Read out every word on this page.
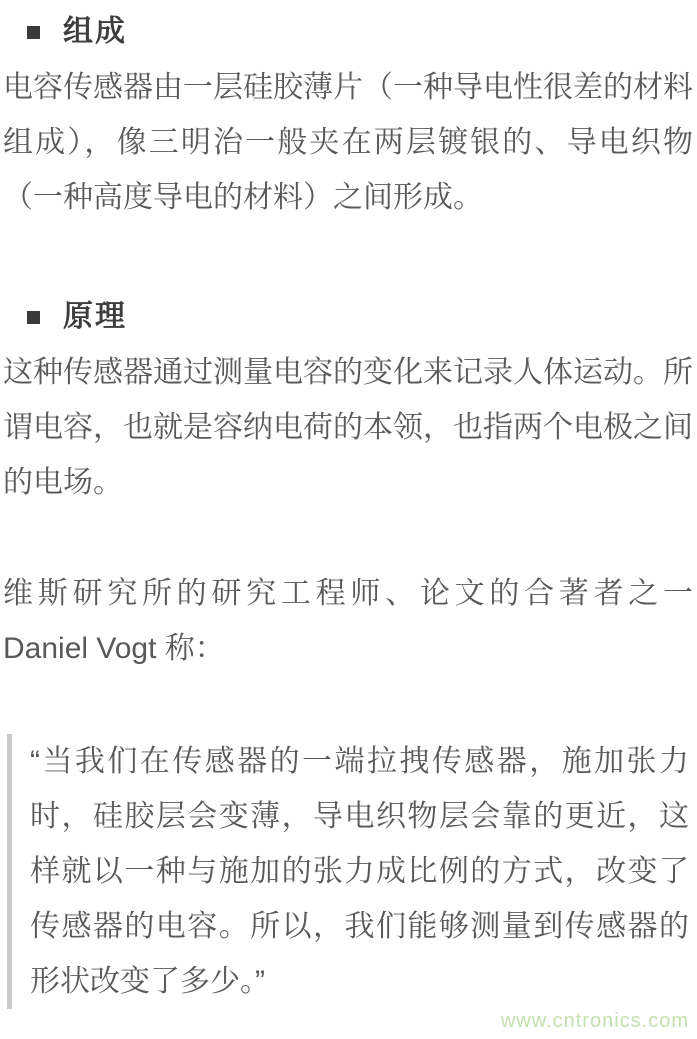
组成

电容传感器由一层硅胶薄片（一种导电性很差的材料组成），像三明治一般夹在两层镀银的、导电织物（一种高度导电的材料）之间形成。

原理

这种传感器通过测量电容的变化来记录人体运动。所谓电容，也就是容纳电荷的本领，也指两个电极之间的电场。

维斯研究所的研究工程师、论文的合著者之一 Daniel Vogt 称：

“当我们在传感器的一端拉拽传感器，施加张力时，硅胶层会变薄，导电织物层会靠的更近，这样就以一种与施加的张力成比例的方式，改变了传感器的电容。所以，我们能够测量到传感器的形状改变了多少。”
www.cntronics.com
